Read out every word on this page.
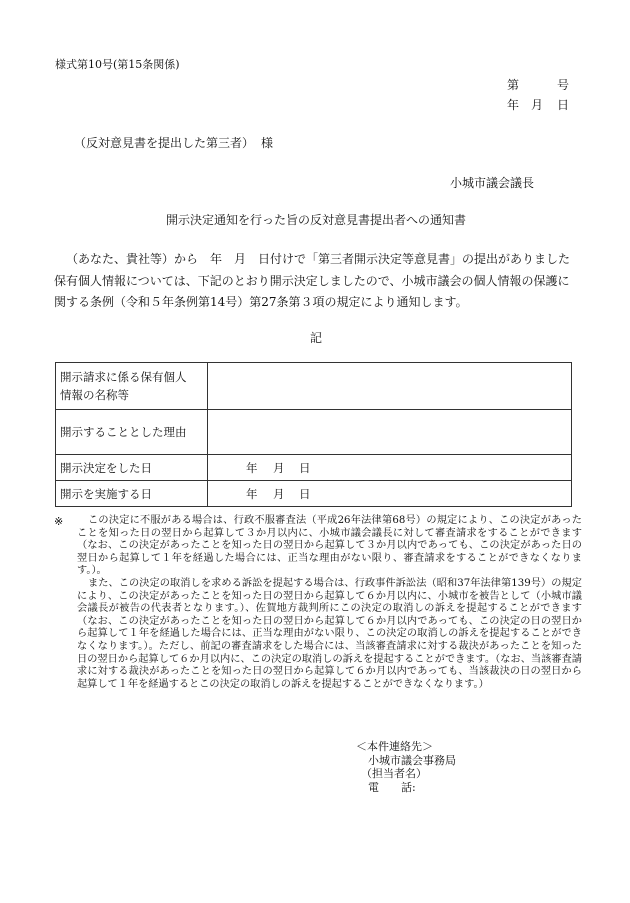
様式第10号(第15条関係)
第	号
年 月 日
（反対意見書を提出した第三者） 様
小城市議会議長
開示決定通知を行った旨の反対意見書提出者への通知書

（あなた、貴社等）から　年　月　日付けで「第三者開示決定等意見書」の提出がありました

保有個人情報については、下記のとおり開示決定しましたので、小城市議会の個人情報の保護に

関する条例（令和５年条例第14号）第27条第３項の規定により通知します。

記
開示請求に係る保有個人
情報の名称等	
開示することとした理由	
開示決定をした日	年 月 日
開示を実施する日	年 月 日
※	この決定に不服がある場合は、行政不服審査法（平成26年法律第68号）の規定により、この決定があったことを知った日の翌日から起算して３か月以内に、小城市議会議長に対して審査請求をすることができます（なお、この決定があったことを知った日の翌日から起算して３か月以内であっても、この決定があった日の翌日から起算して１年を経過した場合には、正当な理由がない限り、審査請求をすることができなくなります。）。

また、この決定の取消しを求める訴訟を提起する場合は、行政事件訴訟法（昭和37年法律第139号）の規定により、この決定があったことを知った日の翌日から起算して６か月以内に、小城市を被告として（小城市議会議長が被告の代表者となります。）、佐賀地方裁判所にこの決定の取消しの訴えを提起することができます（なお、この決定があったことを知った日の翌日から起算して６か月以内であっても、この決定の日の翌日から起算して１年を経過した場合には、正当な理由がない限り、この決定の取消しの訴えを提起することができなくなります。）。ただし、前記の審査請求をした場合には、当該審査請求に対する裁決があったことを知った日の翌日から起算して６か月以内に、この決定の取消しの訴えを提起することができます。（なお、当該審査請求に対する裁決があったことを知った日の翌日から起算して６か月以内であっても、当該裁決の日の翌日から起算して１年を経過するとこの決定の取消しの訴えを提起することができなくなります。）

＜本件連絡先＞
小城市議会事務局
（担当者名）
電　　話:
